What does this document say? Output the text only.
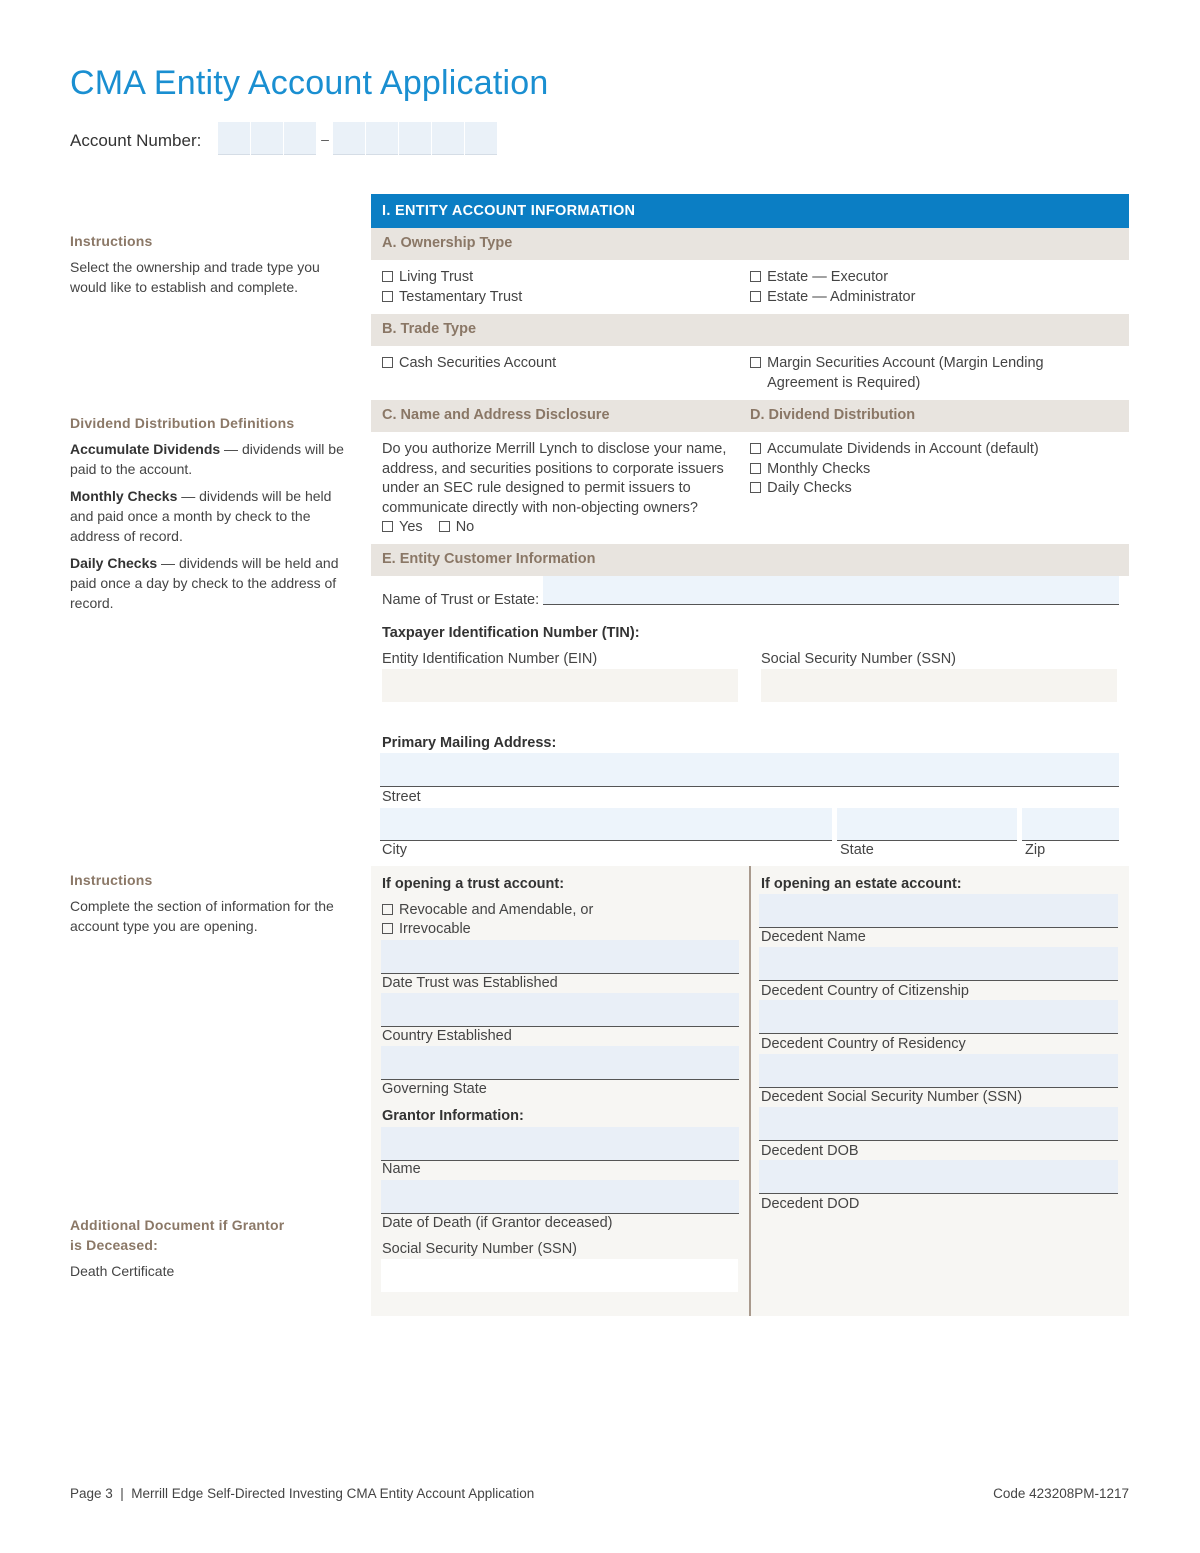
CMA Entity Account Application
Account Number:	–
Instructions

Select the ownership and trade type you would like to establish and complete.

Dividend Distribution Definitions

Accumulate Dividends — dividends will be paid to the account.

Monthly Checks — dividends will be held and paid once a month by check to the address of record.

Daily Checks — dividends will be held and paid once a day by check to the address of record.

Instructions

Complete the section of information for the account type you are opening.

Additional Document if Grantor
is Deceased:

Death Certificate

I. ENTITY ACCOUNT INFORMATION
A. Ownership Type
Living Trust
Testamentary Trust
Estate — Executor
Estate — Administrator
B. Trade Type
Cash Securities Account	Margin Securities Account (Margin Lending
Agreement is Required)
C. Name and Address Disclosure	D. Dividend Distribution
Do you authorize Merrill Lynch to disclose your name,
address, and securities positions to corporate issuers
under an SEC rule designed to permit issuers to
communicate directly with non-objecting owners?
Yes No
Accumulate Dividends in Account (default)
Monthly Checks
Daily Checks
E. Entity Customer Information
Name of Trust or Estate:
Taxpayer Identification Number (TIN):
Entity Identification Number (EIN)	Social Security Number (SSN)
Primary Mailing Address:
Street
City	State	Zip
If opening a trust account:
Revocable and Amendable, or
Irrevocable
Date Trust was Established
Country Established
Governing State
Grantor Information:
Name
Date of Death (if Grantor deceased)
Social Security Number (SSN)
If opening an estate account:
Decedent Name
Decedent Country of Citizenship
Decedent Country of Residency
Decedent Social Security Number (SSN)
Decedent DOB
Decedent DOD
Page 3  |  Merrill Edge Self-Directed Investing CMA Entity Account Application	Code 423208PM-1217
